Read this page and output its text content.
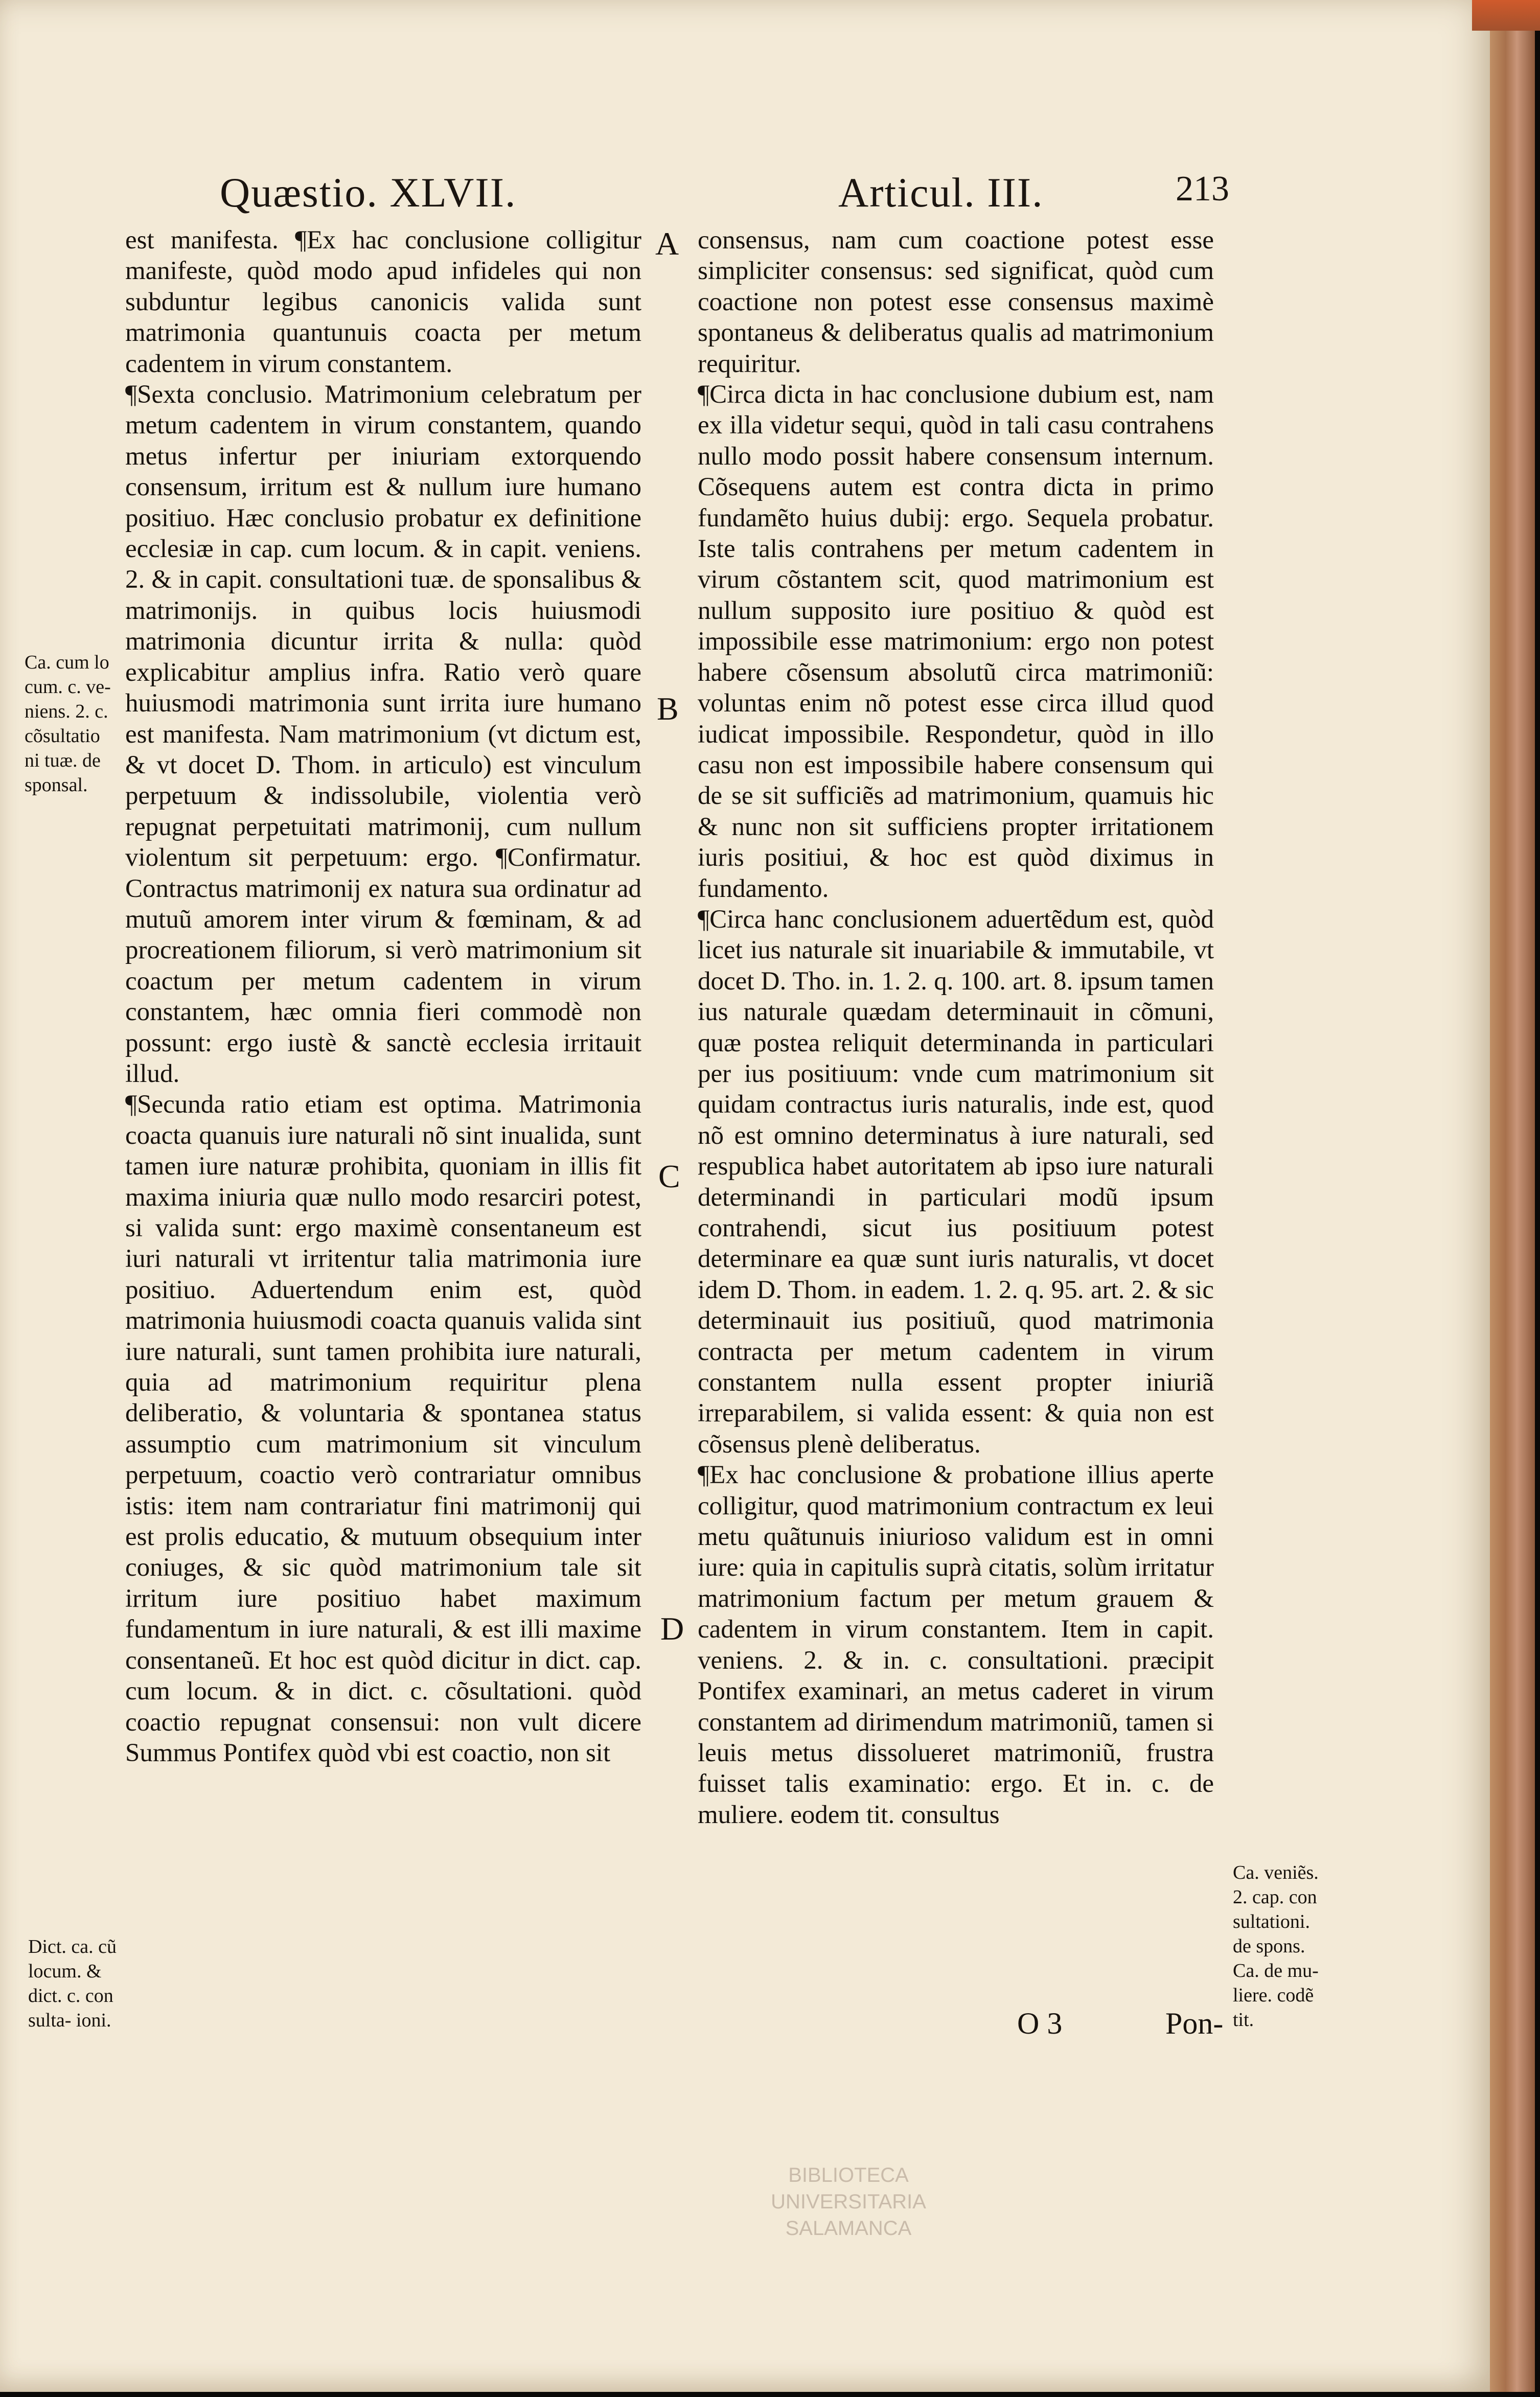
Quæstio. XLVII.	Articul. III.	213

est manifesta. ¶Ex hac conclusione colligitur manifeste, quòd modo apud infideles qui non subduntur legibus canonicis valida sunt matrimonia quantunuis coacta per metum cadentem in virum constantem.

¶Sexta conclusio. Matrimonium celebratum per metum cadentem in virum constantem, quando metus infertur per iniuriam extorquendo consensum, irritum est & nullum iure humano positiuo. Hæc conclusio probatur ex definitione ecclesiæ in cap. cum locum. & in capit. veniens. 2. & in capit. consultationi tuæ. de sponsalibus & matrimonijs. in quibus locis huiusmodi matrimonia dicuntur irrita & nulla: quòd explicabitur amplius infra. Ratio verò quare huiusmodi matrimonia sunt irrita iure humano est manifesta. Nam matrimonium (vt dictum est, & vt docet D. Thom. in articulo) est vinculum perpetuum & indissolubile, violentia verò repugnat perpetuitati matrimonij, cum nullum violentum sit perpetuum: ergo. ¶Confirmatur. Contractus matrimonij ex natura sua ordinatur ad mutuũ amorem inter virum & fœminam, & ad procreationem filiorum, si verò matrimonium sit coactum per metum cadentem in virum constantem, hæc omnia fieri commodè non possunt: ergo iustè & sanctè ecclesia irritauit illud.

¶Secunda ratio etiam est optima. Matrimonia coacta quanuis iure naturali nõ sint inualida, sunt tamen iure naturæ prohibita, quoniam in illis fit maxima iniuria quæ nullo modo resarciri potest, si valida sunt: ergo maximè consentaneum est iuri naturali vt irritentur talia matrimonia iure positiuo. Aduertendum enim est, quòd matrimonia huiusmodi coacta quanuis valida sint iure naturali, sunt tamen prohibita iure naturali, quia ad matrimonium requiritur plena deliberatio, & voluntaria & spontanea status assumptio cum matrimonium sit vinculum perpetuum, coactio verò contrariatur omnibus istis: item nam contrariatur fini matrimonij qui est prolis educatio, & mutuum obsequium inter coniuges, & sic quòd matrimonium tale sit irritum iure positiuo habet maximum fundamentum in iure naturali, & est illi maxime consentaneũ. Et hoc est quòd dicitur in dict. cap. cum locum. & in dict. c. cõsultationi. quòd coactio repugnat consensui: non vult dicere Summus Pontifex quòd vbi est coactio, non sit

consensus, nam cum coactione potest esse simpliciter consensus: sed significat, quòd cum coactione non potest esse consensus maximè spontaneus & deliberatus qualis ad matrimonium requiritur.

¶Circa dicta in hac conclusione dubium est, nam ex illa videtur sequi, quòd in tali casu contrahens nullo modo possit habere consensum internum. Cõsequens autem est contra dicta in primo fundamẽto huius dubij: ergo. Sequela probatur. Iste talis contrahens per metum cadentem in virum cõstantem scit, quod matrimonium est nullum supposito iure positiuo & quòd est impossibile esse matrimonium: ergo non potest habere cõsensum absolutũ circa matrimoniũ: voluntas enim nõ potest esse circa illud quod iudicat impossibile. Respondetur, quòd in illo casu non est impossibile habere consensum qui de se sit sufficiẽs ad matrimonium, quamuis hic & nunc non sit sufficiens propter irritationem iuris positiui, & hoc est quòd diximus in fundamento.

¶Circa hanc conclusionem aduertẽdum est, quòd licet ius naturale sit inuariabile & immutabile, vt docet D. Tho. in. 1. 2. q. 100. art. 8. ipsum tamen ius naturale quædam determinauit in cõmuni, quæ postea reliquit determinanda in particulari per ius positiuum: vnde cum matrimonium sit quidam contractus iuris naturalis, inde est, quod nõ est omnino determinatus à iure naturali, sed respublica habet autoritatem ab ipso iure naturali determinandi in particulari modũ ipsum contrahendi, sicut ius positiuum potest determinare ea quæ sunt iuris naturalis, vt docet idem D. Thom. in eadem. 1. 2. q. 95. art. 2. & sic determinauit ius positiuũ, quod matrimonia contracta per metum cadentem in virum constantem nulla essent propter iniuriã irreparabilem, si valida essent: & quia non est cõsensus plenè deliberatus.

¶Ex hac conclusione & probatione illius aperte colligitur, quod matrimonium contractum ex leui metu quãtunuis iniurioso validum est in omni iure: quia in capitulis suprà citatis, solùm irritatur matrimonium factum per metum grauem & cadentem in virum constantem. Item in capit. veniens. 2. & in. c. consultationi. præcipit Pontifex examinari, an metus caderet in virum constantem ad dirimendum matrimoniũ, tamen si leuis metus dissolueret matrimoniũ, frustra fuisset talis examinatio: ergo. Et in. c. de muliere. eodem tit. consultus

A
B
C
D
Ca. cum lo
cum. c. ve-
niens. 2. c.
cõsultatio
ni tuæ. de
sponsal.
Dict. ca. cũ
locum. &
dict. c. con
sulta- ioni.
Ca. veniẽs.
2. cap. con
sultationi.
de spons.
Ca. de mu-
liere. codẽ
tit.
O 3	Pon-
BIBLIOTECA
UNIVERSITARIA
SALAMANCA
